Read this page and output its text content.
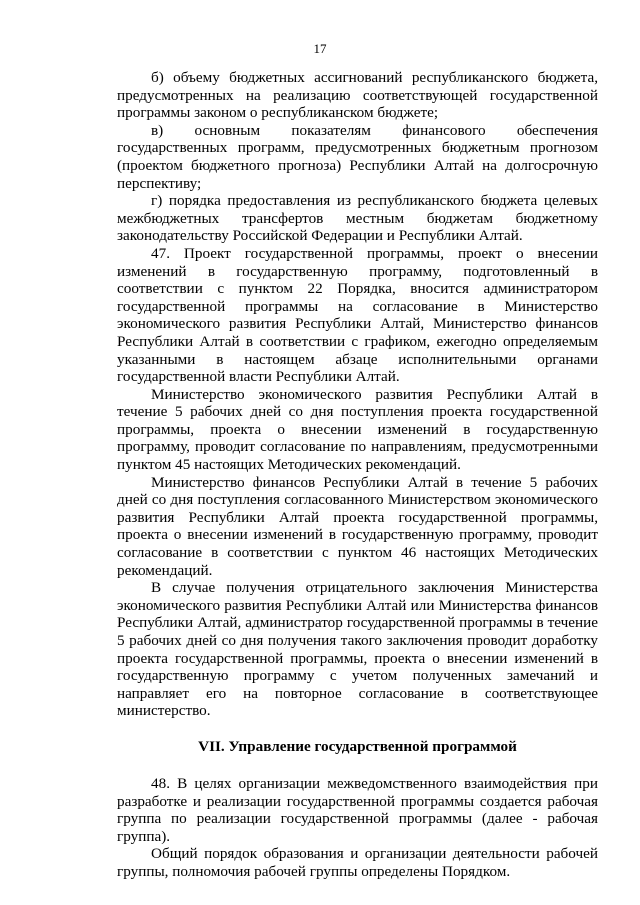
17

б) объему бюджетных ассигнований республиканского бюджета, предусмотренных на реализацию соответствующей государственной программы законом о республиканском бюджете;

в) основным показателям финансового обеспечения государственных программ, предусмотренных бюджетным прогнозом (проектом бюджетного прогноза) Республики Алтай на долгосрочную перспективу;

г) порядка предоставления из республиканского бюджета целевых межбюджетных трансфертов местным бюджетам бюджетному законодательству Российской Федерации и Республики Алтай.

47. Проект государственной программы, проект о внесении изменений в государственную программу, подготовленный в соответствии с пунктом 22 Порядка, вносится администратором государственной программы на согласование в Министерство экономического развития Республики Алтай, Министерство финансов Республики Алтай в соответствии с графиком, ежегодно определяемым указанными в настоящем абзаце исполнительными органами государственной власти Республики Алтай.

Министерство экономического развития Республики Алтай в течение 5 рабочих дней со дня поступления проекта государственной программы, проекта о внесении изменений в государственную программу, проводит согласование по направлениям, предусмотренными пунктом 45 настоящих Методических рекомендаций.

Министерство финансов Республики Алтай в течение 5 рабочих дней со дня поступления согласованного Министерством экономического развития Республики Алтай проекта государственной программы, проекта о внесении изменений в государственную программу, проводит согласование в соответствии с пунктом 46 настоящих Методических рекомендаций.

В случае получения отрицательного заключения Министерства экономического развития Республики Алтай или Министерства финансов Республики Алтай, администратор государственной программы в течение 5 рабочих дней со дня получения такого заключения проводит доработку проекта государственной программы, проекта о внесении изменений в государственную программу с учетом полученных замечаний и направляет его на повторное согласование в соответствующее министерство.

VII. Управление государственной программой

48. В целях организации межведомственного взаимодействия при разработке и реализации государственной программы создается рабочая группа по реализации государственной программы (далее - рабочая группа).

Общий порядок образования и организации деятельности рабочей группы, полномочия рабочей группы определены Порядком.
